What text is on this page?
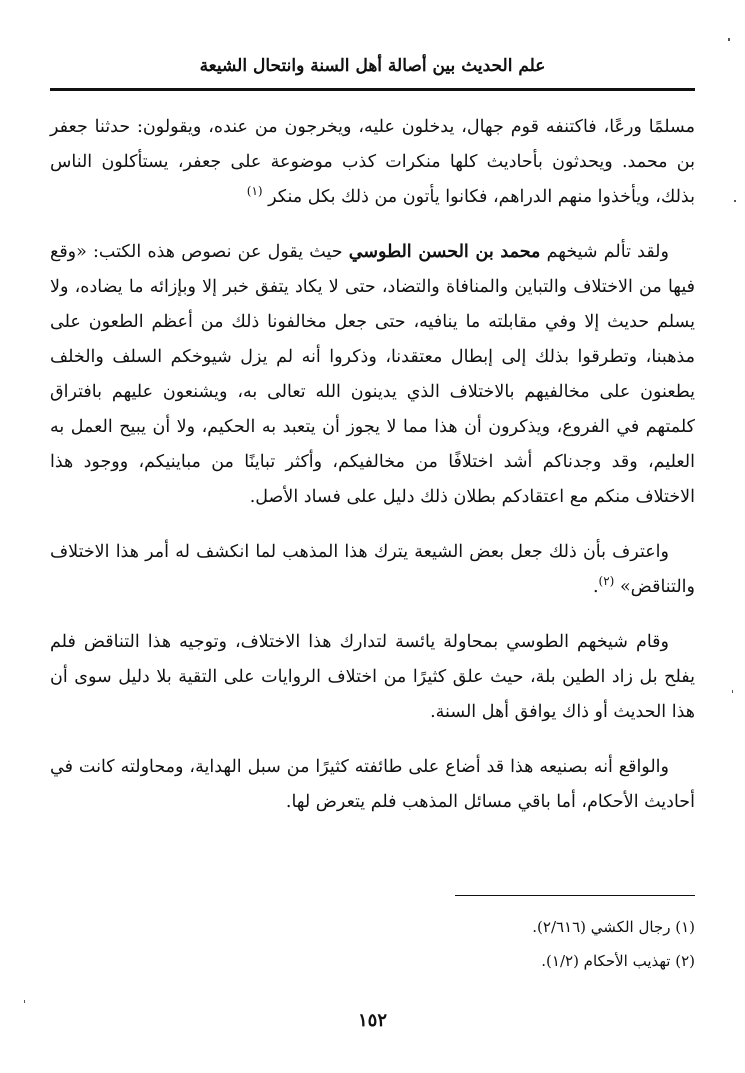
علم الحديث بين أصالة أهل السنة وانتحال الشيعة

مسلمًا ورعًا، فاكتنفه قوم جهال، يدخلون عليه، ويخرجون من عنده، ويقولون: حدثنا جعفر بن محمد. ويحدثون بأحاديث كلها منكرات كذب موضوعة على جعفر، يستأكلون الناس بذلك، ويأخذوا منهم الدراهم، فكانوا يأتون من ذلك بكل منكر $^{(١)}$

ولقد تألم شيخهم محمد بن الحسن الطوسي حيث يقول عن نصوص هذه الكتب: «وقع فيها من الاختلاف والتباين والمنافاة والتضاد، حتى لا يكاد يتفق خبر إلا وبإزائه ما يضاده، ولا يسلم حديث إلا وفي مقابلته ما ينافيه، حتى جعل مخالفونا ذلك من أعظم الطعون على مذهبنا، وتطرقوا بذلك إلى إبطال معتقدنا، وذكروا أنه لم يزل شيوخكم السلف والخلف يطعنون على مخالفيهم بالاختلاف الذي يدينون الله تعالى به، ويشنعون عليهم بافتراق كلمتهم في الفروع، ويذكرون أن هذا مما لا يجوز أن يتعبد به الحكيم، ولا أن يبيح العمل به العليم، وقد وجدناكم أشد اختلافًا من مخالفيكم، وأكثر تباينًا من مباينيكم، ووجود هذا الاختلاف منكم مع اعتقادكم بطلان ذلك دليل على فساد الأصل.

واعترف بأن ذلك جعل بعض الشيعة يترك هذا المذهب لما انكشف له أمر هذا الاختلاف والتناقض» $^{(٢)}$.

وقام شيخهم الطوسي بمحاولة يائسة لتدارك هذا الاختلاف، وتوجيه هذا التناقض فلم يفلح بل زاد الطين بلة، حيث علق كثيرًا من اختلاف الروايات على التقية بلا دليل سوى أن هذا الحديث أو ذاك يوافق أهل السنة.

والواقع أنه بصنيعه هذا قد أضاع على طائفته كثيرًا من سبل الهداية، ومحاولته كانت في أحاديث الأحكام، أما باقي مسائل المذهب فلم يتعرض لها.

(١) رجال الكشي (٢/٦١٦).

(٢) تهذيب الأحكام (١/٢).

١٥٢
